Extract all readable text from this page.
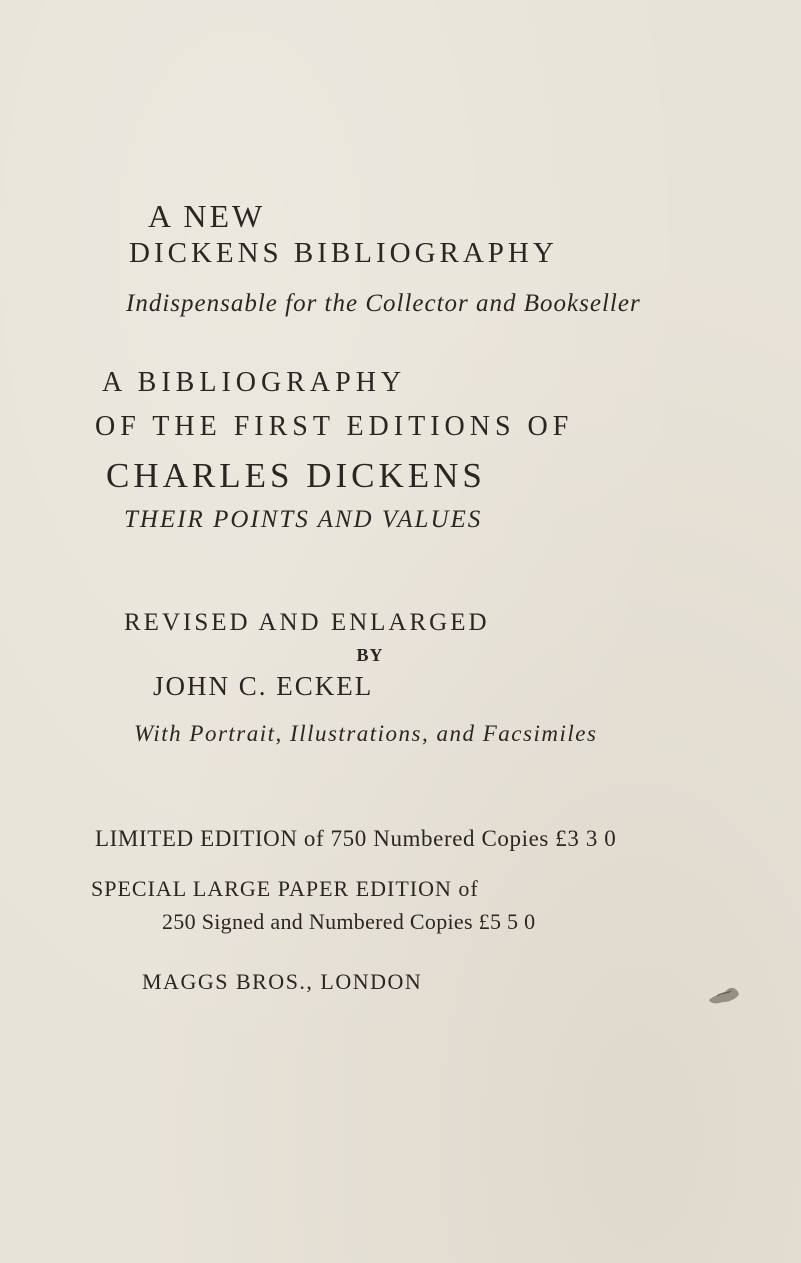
A NEW
DICKENS BIBLIOGRAPHY
Indispensable for the Collector and Bookseller
A BIBLIOGRAPHY
OF THE FIRST EDITIONS OF
CHARLES DICKENS
THEIR POINTS AND VALUES
REVISED AND ENLARGED
BY
JOHN C. ECKEL
With Portrait, Illustrations, and Facsimiles
LIMITED EDITION of 750 Numbered Copies £3 3 0
SPECIAL LARGE PAPER EDITION of
250 Signed and Numbered Copies £5 5 0
MAGGS BROS., LONDON
